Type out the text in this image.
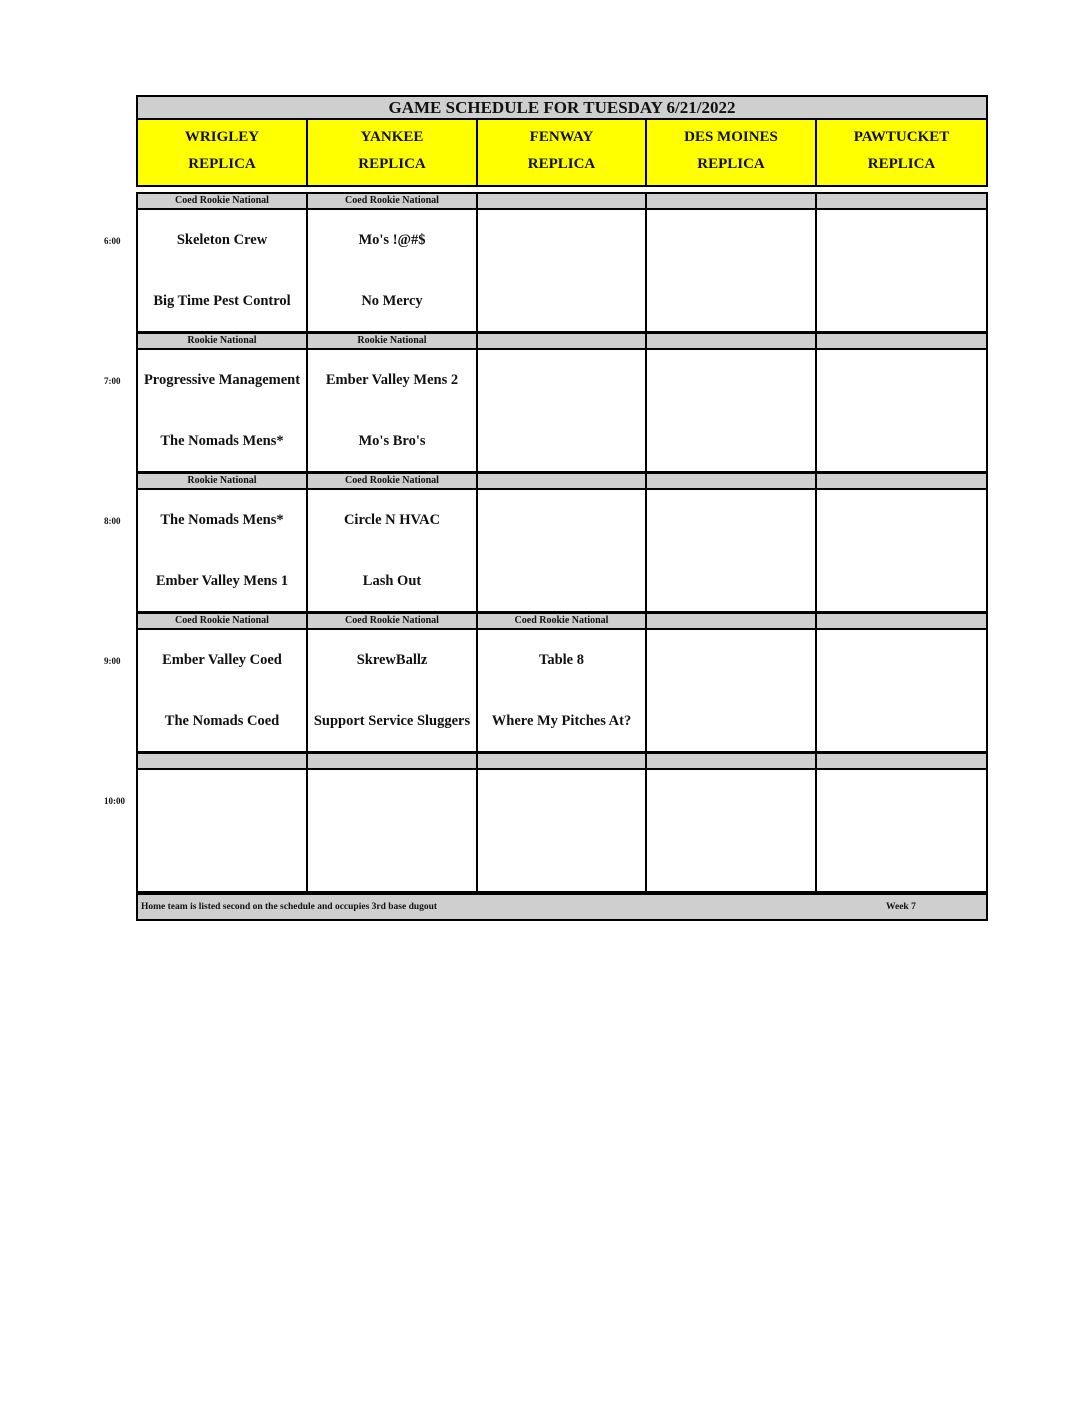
GAME SCHEDULE FOR TUESDAY 6/21/2022
WRIGLEY
REPLICA
YANKEE
REPLICA
FENWAY
REPLICA
DES MOINES
REPLICA
PAWTUCKET
REPLICA
Coed Rookie National
Skeleton Crew
Big Time Pest Control
Coed Rookie National
Mo's !@#$
No Mercy
Rookie National
Progressive Management
The Nomads Mens*
Rookie National
Ember Valley Mens 2
Mo's Bro's
Rookie National
The Nomads Mens*
Ember Valley Mens 1
Coed Rookie National
Circle N HVAC
Lash Out
Coed Rookie National
Ember Valley Coed
The Nomads Coed
Coed Rookie National
SkrewBallz
Support Service Sluggers
Coed Rookie National
Table 8
Where My Pitches At?
6:00
7:00
8:00
9:00
10:00
Home team is listed second on the schedule and occupies 3rd base dugout	Week 7
